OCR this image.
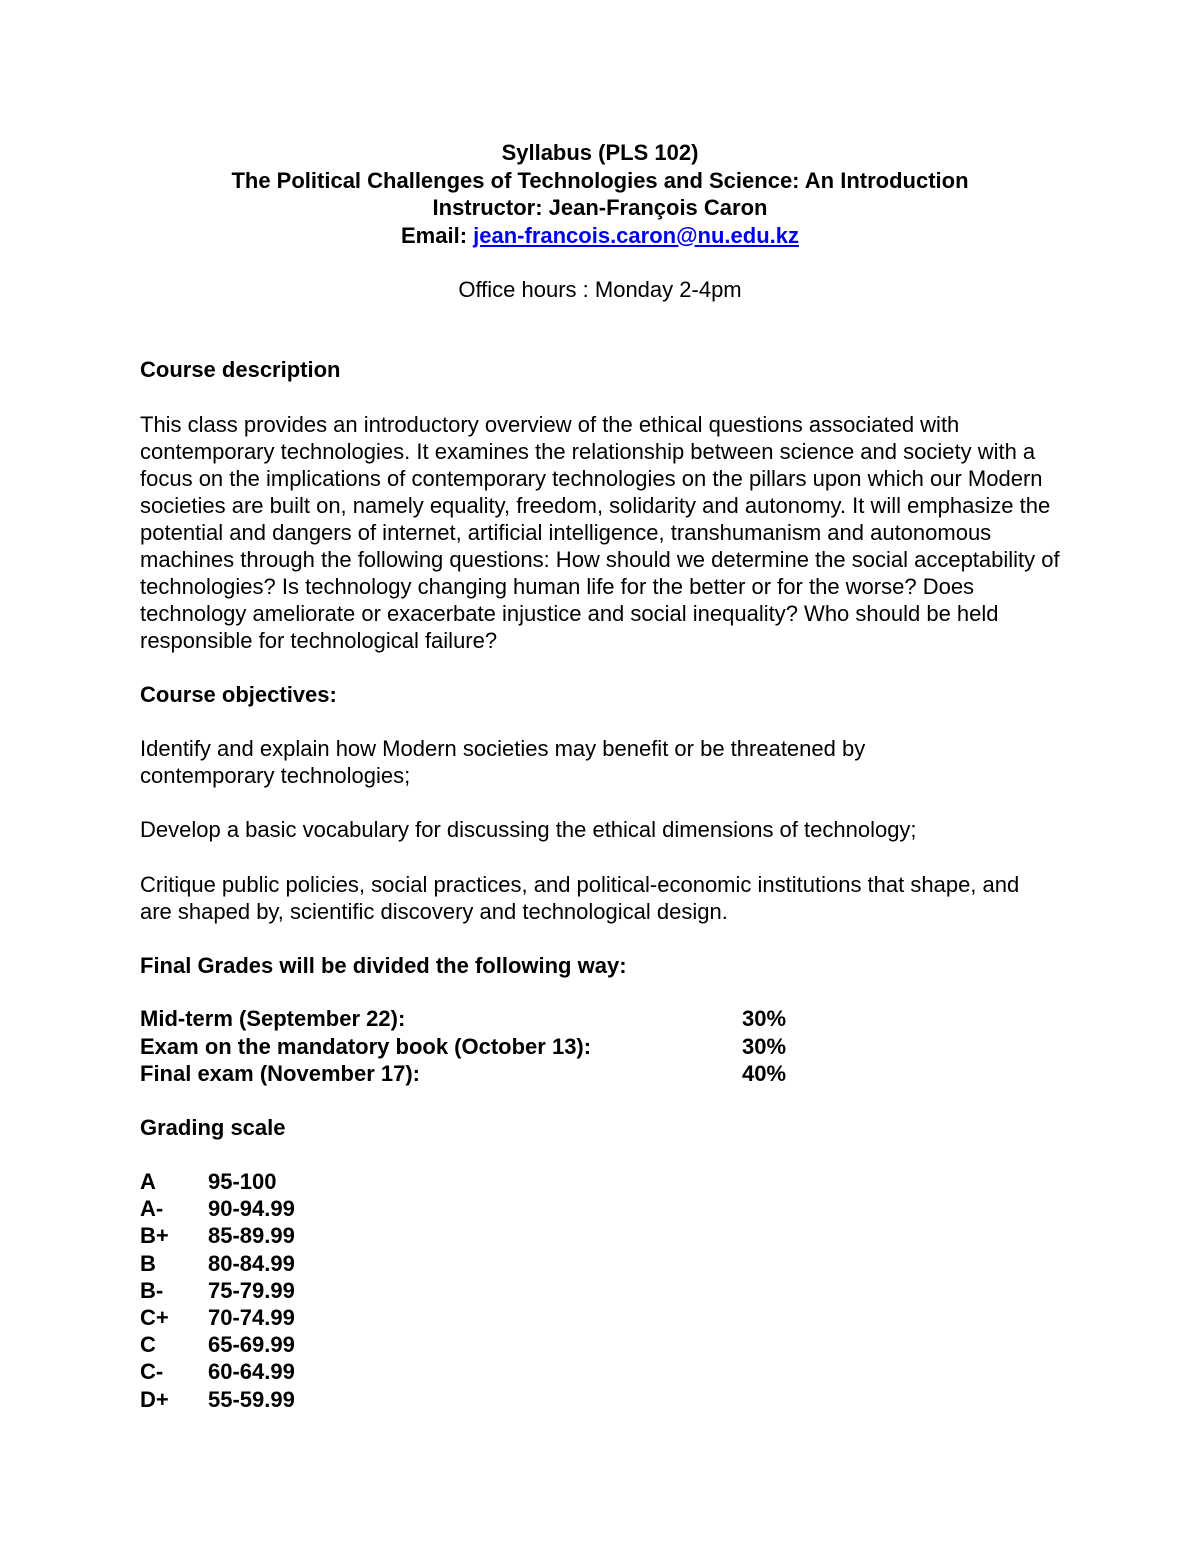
Syllabus (PLS 102)
The Political Challenges of Technologies and Science: An Introduction
Instructor: Jean-François Caron
Email: jean-francois.caron@nu.edu.kz
Office hours : Monday 2-4pm
Course description
This class provides an introductory overview of the ethical questions associated with contemporary technologies. It examines the relationship between science and society with a focus on the implications of contemporary technologies on the pillars upon which our Modern societies are built on, namely equality, freedom, solidarity and autonomy. It will emphasize the potential and dangers of internet, artificial intelligence, transhumanism and autonomous machines through the following questions: How should we determine the social acceptability of technologies? Is technology changing human life for the better or for the worse? Does technology ameliorate or exacerbate injustice and social inequality? Who should be held responsible for technological failure?
Course objectives:
Identify and explain how Modern societies may benefit or be threatened by contemporary technologies;
Develop a basic vocabulary for discussing the ethical dimensions of technology;
Critique public policies, social practices, and political-economic institutions that shape, and are shaped by, scientific discovery and technological design.
Final Grades will be divided the following way:
Mid-term (September 22):	30%
Exam on the mandatory book (October 13):	30%
Final exam (November 17):	40%
Grading scale
A 95-100
A- 90-94.99
B+ 85-89.99
B 80-84.99
B- 75-79.99
C+ 70-74.99
C 65-69.99
C- 60-64.99
D+ 55-59.99
